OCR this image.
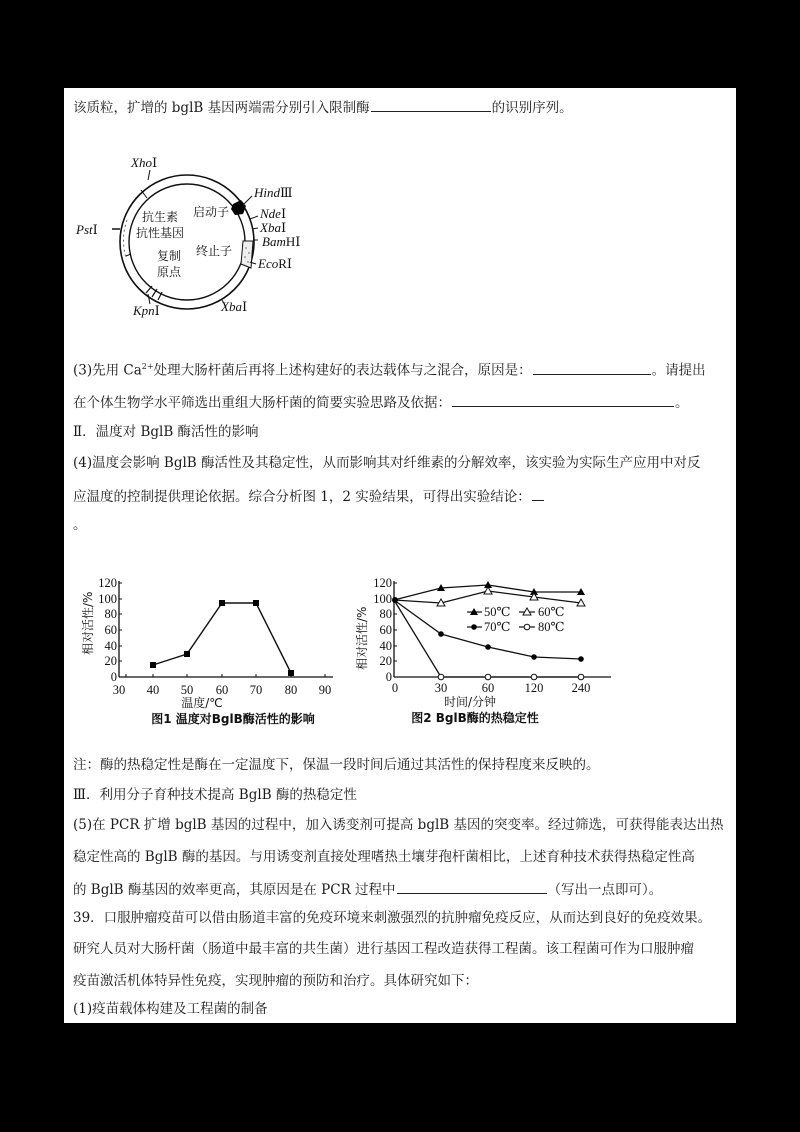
该质粒，扩增的 bglB 基因两端需分别引入限制酶	的识别序列。
XhoⅠ
HindⅢ
NdeⅠ
XbaⅠ
BamHⅠ
EcoRⅠ
PstⅠ
KpnⅠ	XbaⅠ
抗生素
抗性基因
启动子
终止子
复制
原点
(3)先用 $Ca^{2+}$处理大肠杆菌后再将上述构建好的表达载体与之混合，原因是：	。请提出
在个体生物学水平筛选出重组大肠杆菌的简要实验思路及依据：	。
Ⅱ．温度对 BglB 酶活性的影响
(4)温度会影响 BglB 酶活性及其稳定性，从而影响其对纤维素的分解效率，该实验为实际生产应用中对反
应温度的控制提供理论依据。综合分析图 1，2 实验结果，可得出实验结论：
。
相对活性/%
120
100
80
60
40
20
0
30 40 50 60 70 80 90
温度/℃
图1 温度对BglB酶活性的影响
相对活性/%
120
100
80
60
40
20
0
0	30	60 120 240
50℃ 60℃
70℃ 80℃
时间/分钟
图2 BglB酶的热稳定性
注：酶的热稳定性是酶在一定温度下，保温一段时间后通过其活性的保持程度来反映的。
Ⅲ．利用分子育种技术提高 BglB 酶的热稳定性
(5)在 PCR 扩增 bglB 基因的过程中，加入诱变剂可提高 bglB 基因的突变率。经过筛选，可获得能表达出热
稳定性高的 BglB 酶的基因。与用诱变剂直接处理嗜热土壤芽孢杆菌相比，上述育种技术获得热稳定性高
的 BglB 酶基因的效率更高，其原因是在 PCR 过程中	（写出一点即可）。
39．口服肿瘤疫苗可以借由肠道丰富的免疫环境来刺激强烈的抗肿瘤免疫反应，从而达到良好的免疫效果。
研究人员对大肠杆菌（肠道中最丰富的共生菌）进行基因工程改造获得工程菌。该工程菌可作为口服肿瘤
疫苗激活机体特异性免疫，实现肿瘤的预防和治疗。具体研究如下：
(1)疫苗载体构建及工程菌的制备
